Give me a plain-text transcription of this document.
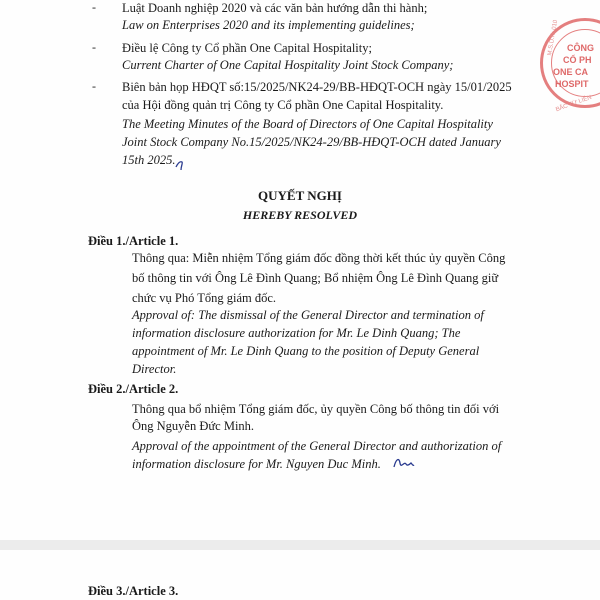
- Luật Doanh nghiệp 2020 và các văn bản hướng dẫn thi hành;
Law on Enterprises 2020 and its implementing guidelines;
- Điều lệ Công ty Cổ phần One Capital Hospitality;
Current Charter of One Capital Hospitality Joint Stock Company;
- Biên bản họp HĐQT số:15/2025/NK24-29/BB-HĐQT-OCH ngày 15/01/2025
của Hội đồng quản trị Công ty Cổ phần One Capital Hospitality.
The Meeting Minutes of the Board of Directors of One Capital Hospitality
Joint Stock Company No.15/2025/NK24-29/BB-HĐQT-OCH dated January
15th 2025.
QUYẾT NGHỊ
HEREBY RESOLVED
Điều 1./Article 1.
Thông qua: Miễn nhiệm Tổng giám đốc đồng thời kết thúc ủy quyền Công
bố thông tin với Ông Lê Đình Quang; Bổ nhiệm Ông Lê Đình Quang giữ
chức vụ Phó Tổng giám đốc.
Approval of: The dismissal of the General Director and termination of
information disclosure authorization for Mr. Le Dinh Quang; The
appointment of Mr. Le Dinh Quang to the position of Deputy General
Director.
Điều 2./Article 2.
Thông qua bổ nhiệm Tổng giám đốc, ủy quyền Công bố thông tin đối với
Ông Nguyễn Đức Minh.
Approval of the appointment of the General Director and authorization of
information disclosure for Mr. Nguyen Duc Minh.
M.S.D.N: 010
BẮC TỪ LIÊN
CÔNG
CỔ PH
ONE CA
HOSPIT
Điều 3./Article 3.
